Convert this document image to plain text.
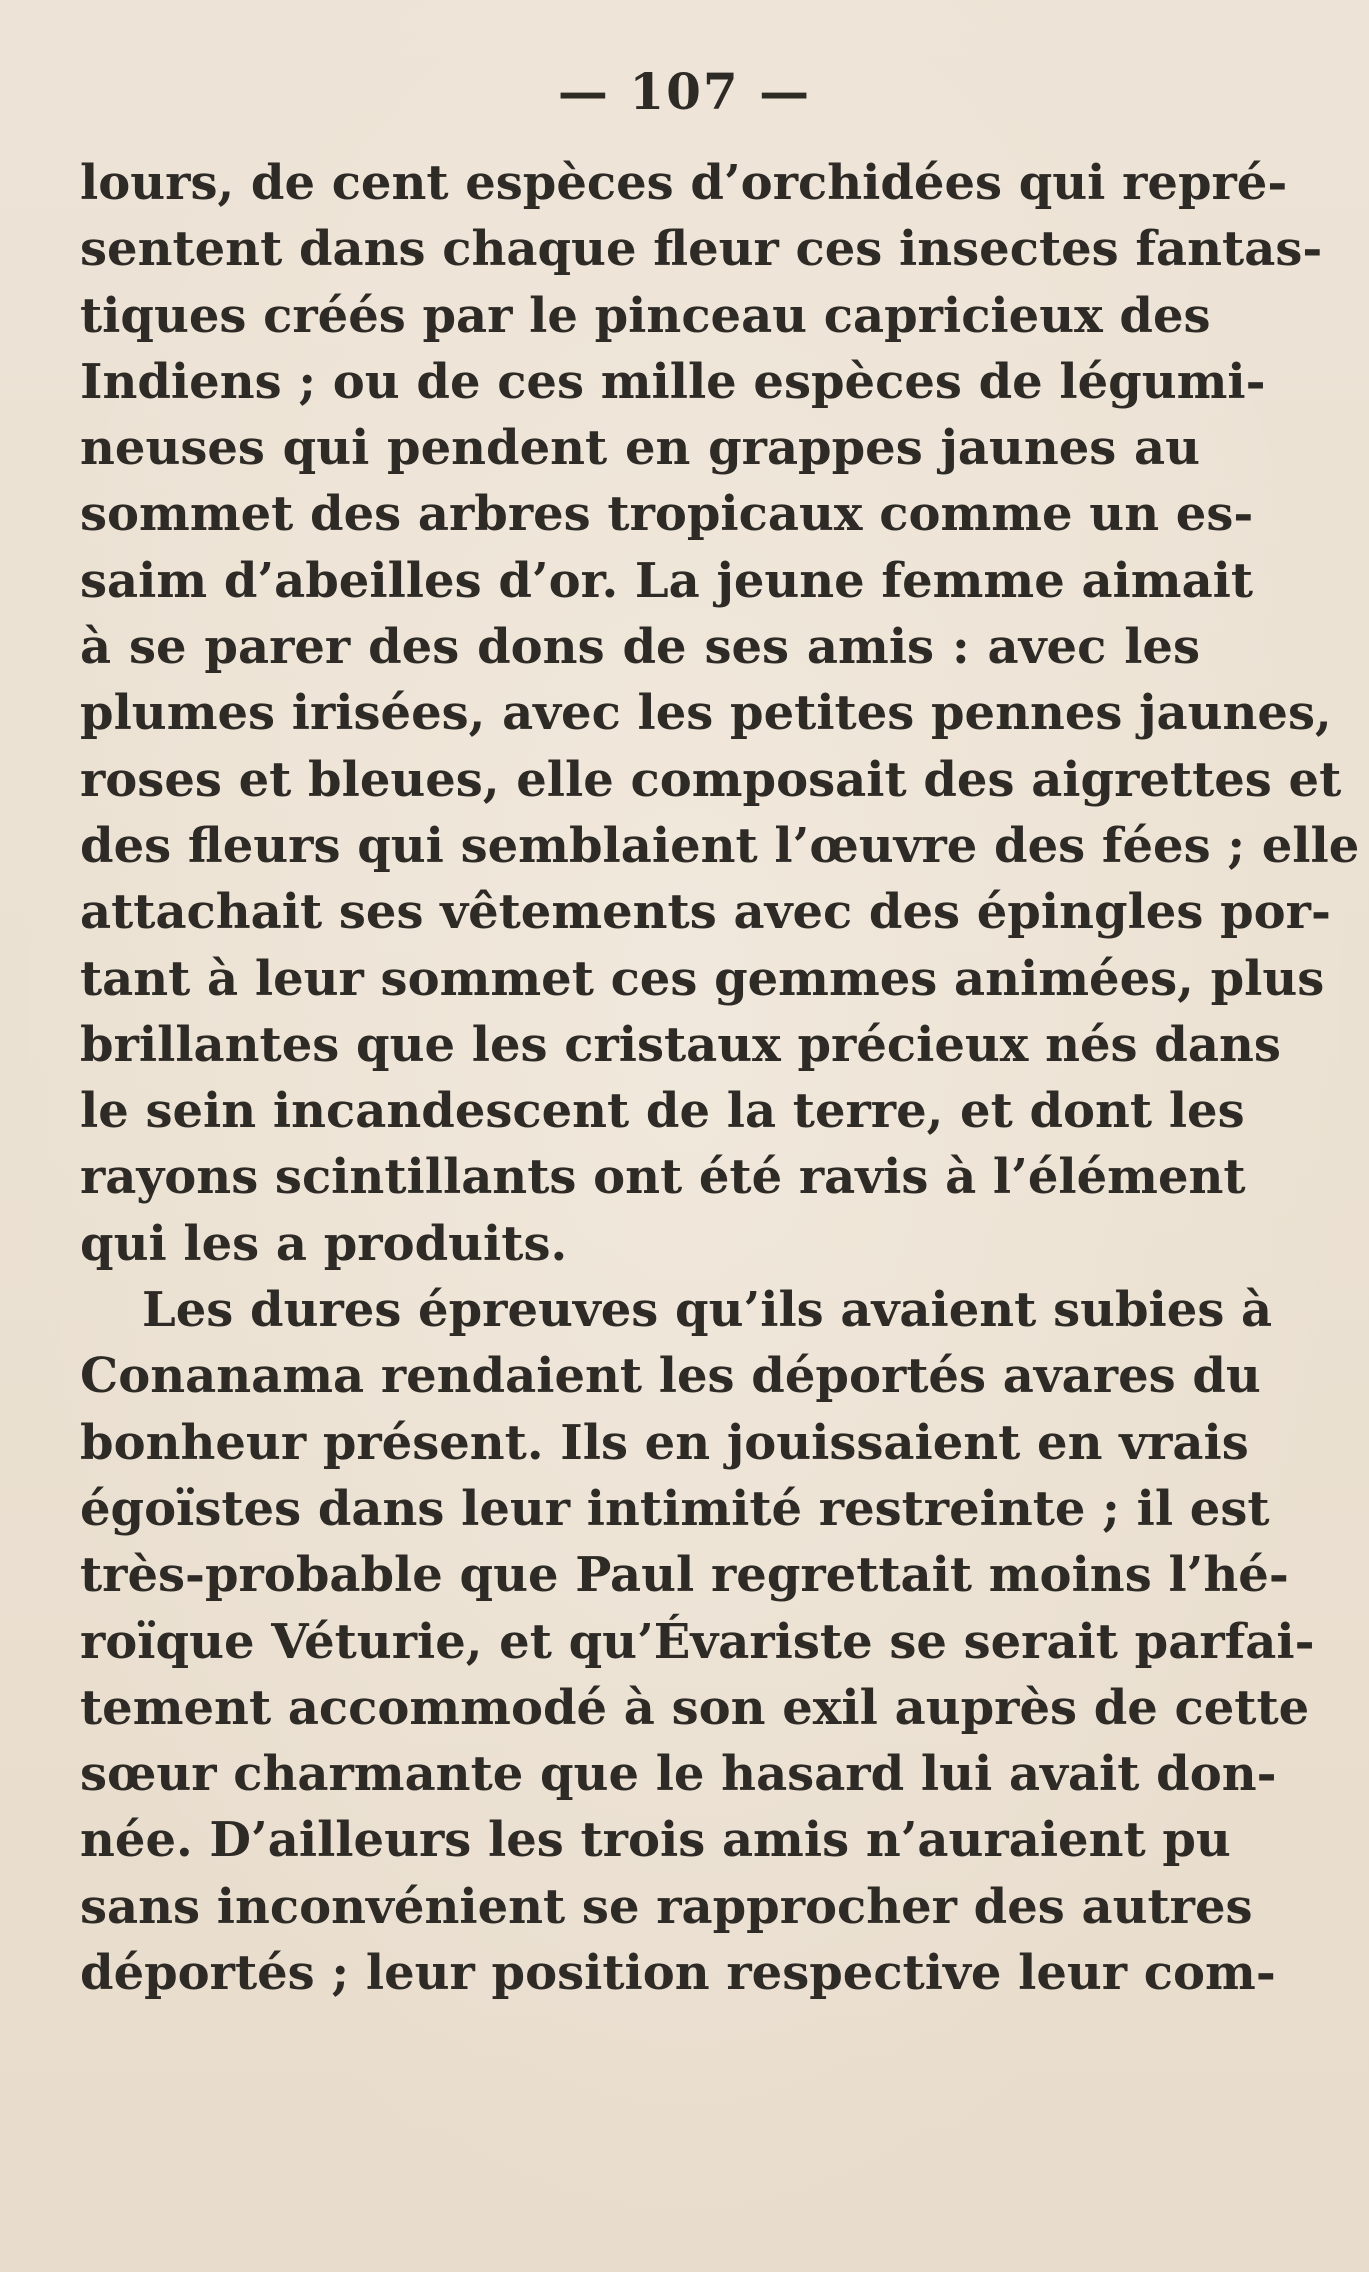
— 107 —
lours, de cent espèces d’orchidées qui repré-
sentent dans chaque fleur ces insectes fantas-
tiques créés par le pinceau capricieux des
Indiens ; ou de ces mille espèces de légumi-
neuses qui pendent en grappes jaunes au
sommet des arbres tropicaux comme un es-
saim d’abeilles d’or. La jeune femme aimait
à se parer des dons de ses amis : avec les
plumes irisées, avec les petites pennes jaunes,
roses et bleues, elle composait des aigrettes et
des fleurs qui semblaient l’œuvre des fées ; elle
attachait ses vêtements avec des épingles por-
tant à leur sommet ces gemmes animées, plus
brillantes que les cristaux précieux nés dans
le sein incandescent de la terre, et dont les
rayons scintillants ont été ravis à l’élément
qui les a produits.
Les dures épreuves qu’ils avaient subies à
Conanama rendaient les déportés avares du
bonheur présent. Ils en jouissaient en vrais
égoïstes dans leur intimité restreinte ; il est
très-probable que Paul regrettait moins l’hé-
roïque Véturie, et qu’Évariste se serait parfai-
tement accommodé à son exil auprès de cette
sœur charmante que le hasard lui avait don-
née. D’ailleurs les trois amis n’auraient pu
sans inconvénient se rapprocher des autres
déportés ; leur position respective leur com-
